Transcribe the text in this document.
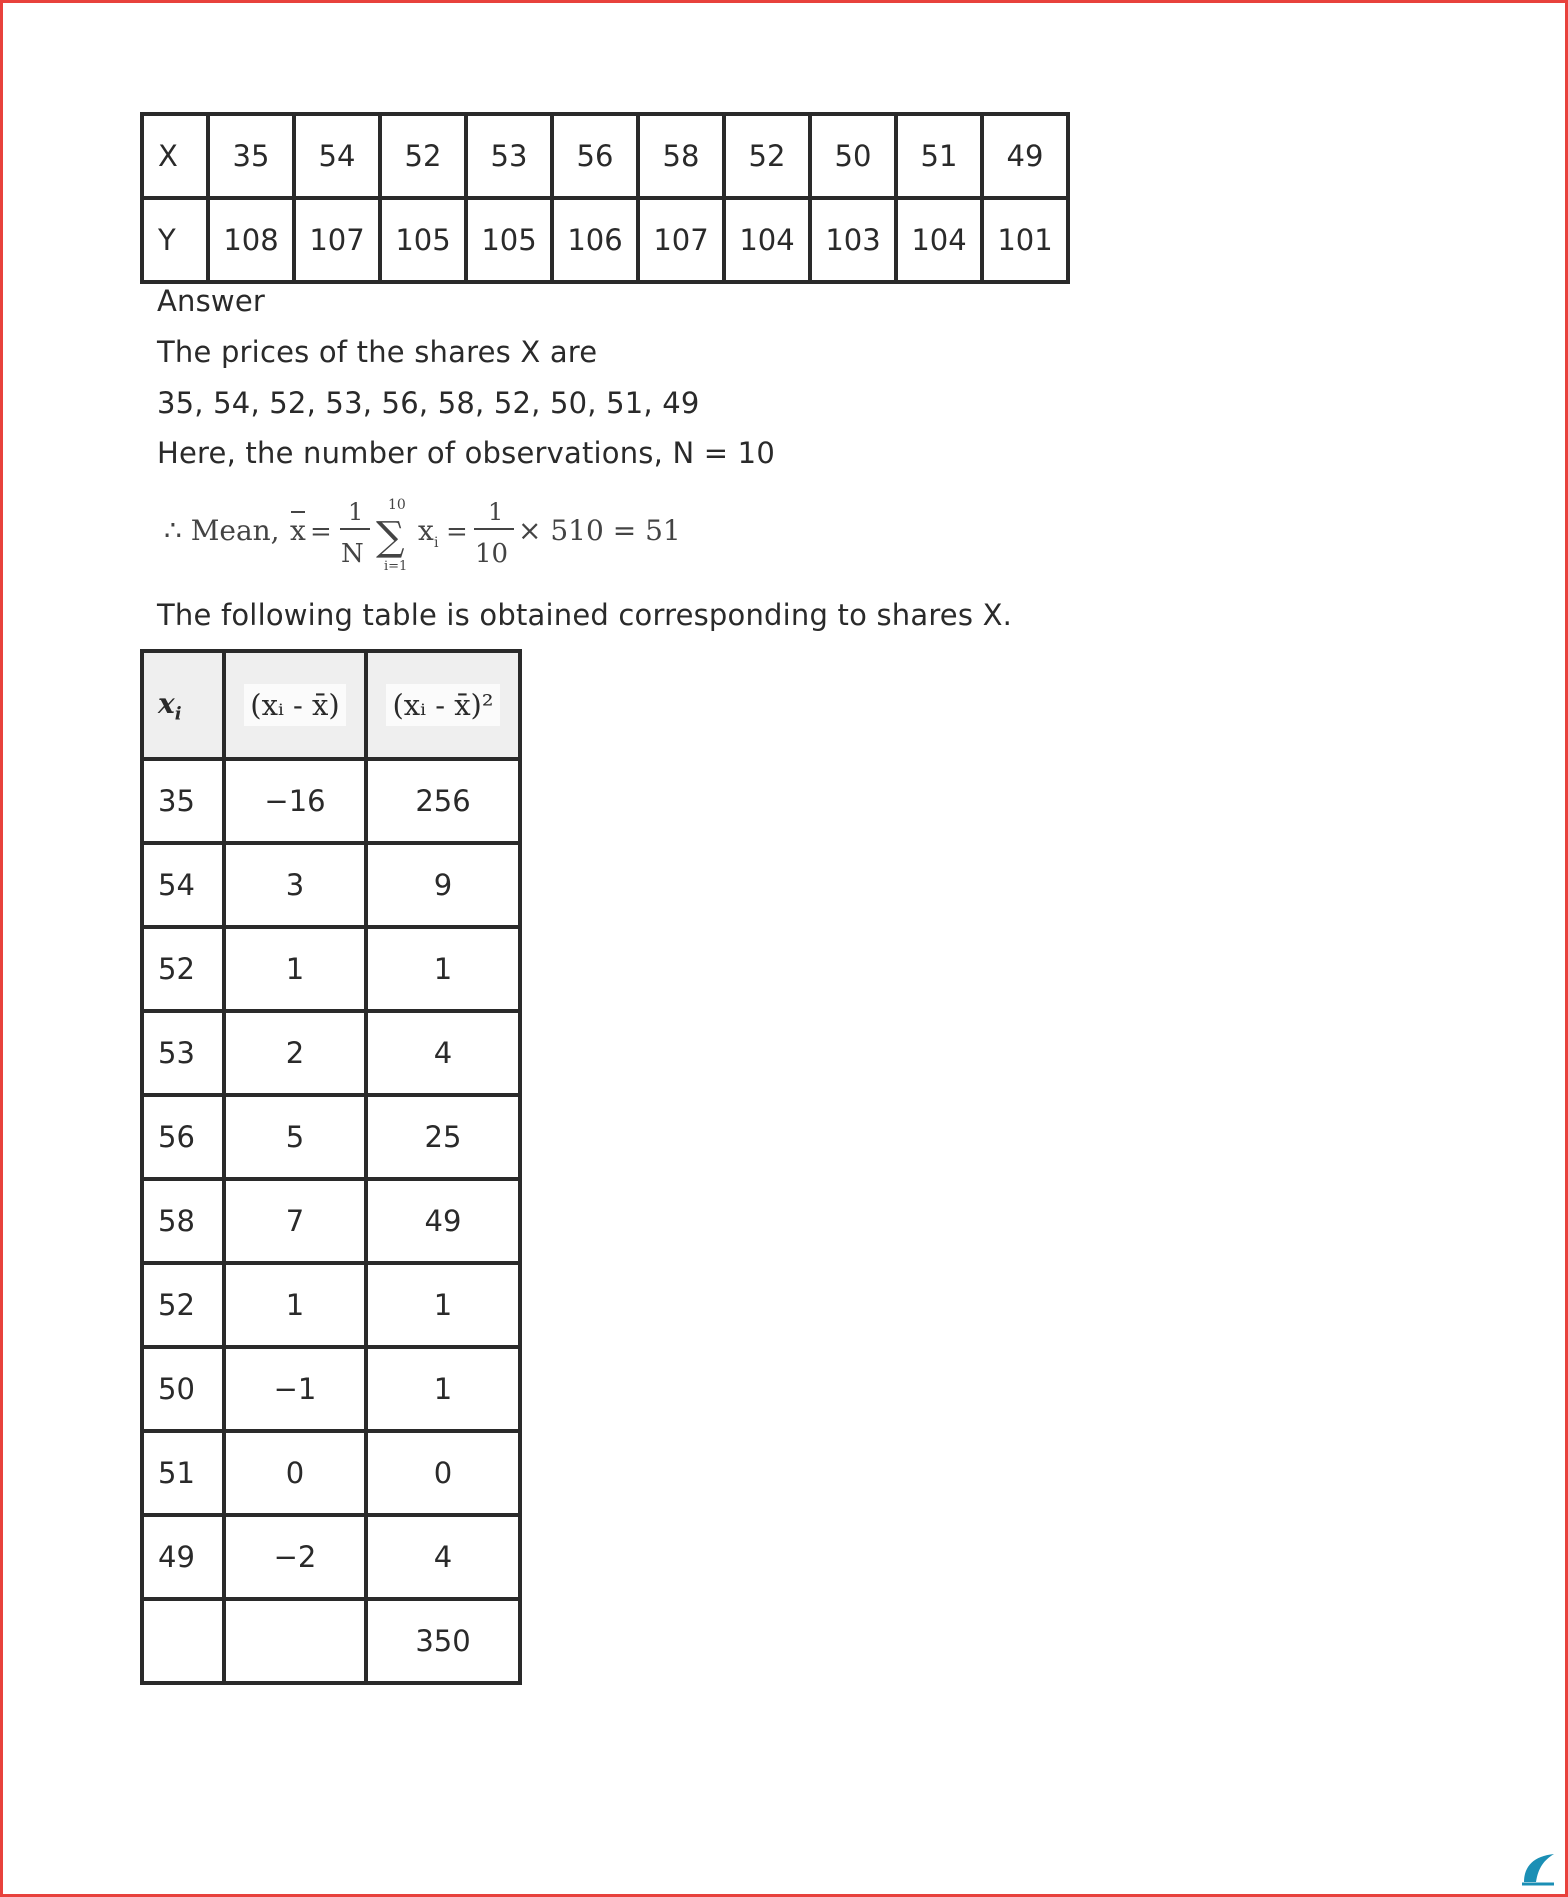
X	35	54	52	53	56	58	52	50	51	49
Y	108	107	105	105	106	107	104	103	104	101
Answer
The prices of the shares X are
35, 54, 52, 53, 56, 58, 52, 50, 51, 49
Here, the number of observations, N = 10
∴ Mean, x =
1
N
10
∑
i=1
x i =
1
10
× 510 = 51
The following table is obtained corresponding to shares X.
$x_i$	(xᵢ - x̄)	(xᵢ - x̄)²
35	−16	256
54	3	9
52	1	1
53	2	4
56	5	25
58	7	49
52	1	1
50	−1	1
51	0	0
49	−2	4
		350
